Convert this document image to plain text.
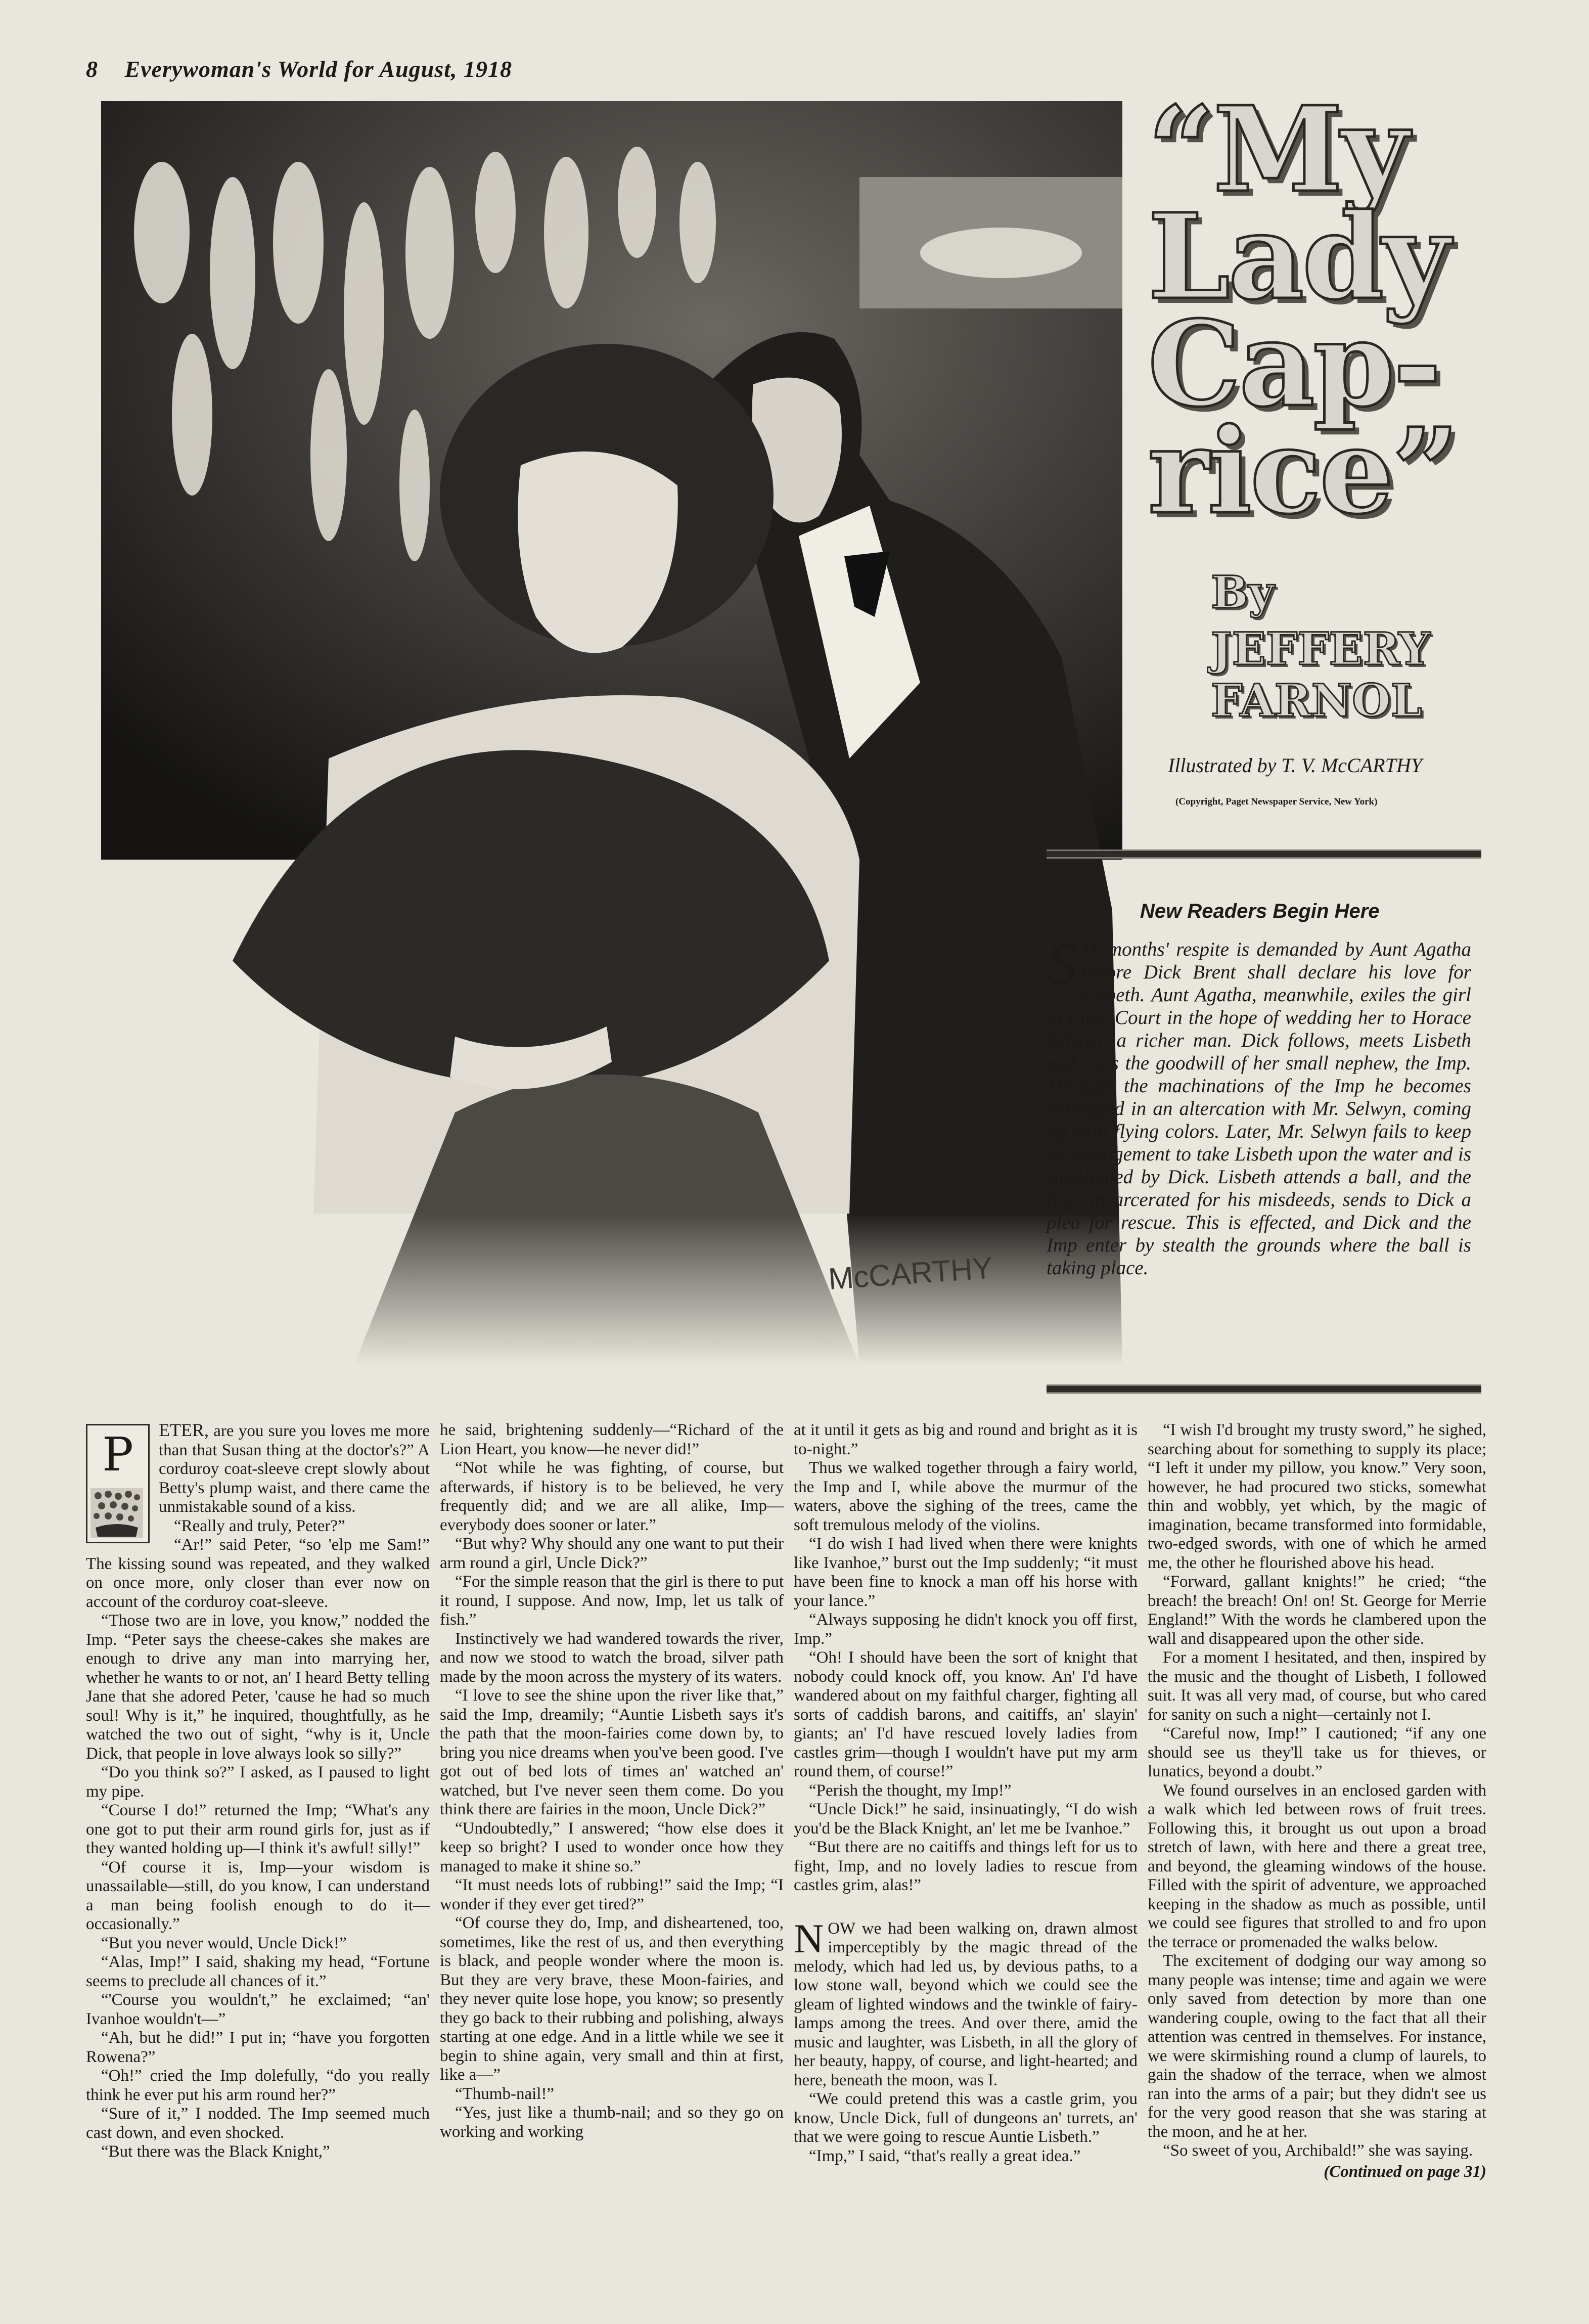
8 Everywoman's World for August, 1918
McCARTHY
“My
Lady
Cap-
rice”
By
JEFFERY
FARNOL
Illustrated by T. V. McCARTHY
(Copyright, Paget Newspaper Service, New York)
New Readers Begin Here
SIX months' respite is demanded by Aunt Agatha before Dick Brent shall declare his love for Lisbeth. Aunt Agatha, meanwhile, exiles the girl to Fane Court in the hope of wedding her to Horace Selwyn, a richer man. Dick follows, meets Lisbeth and wins the goodwill of her small nephew, the Imp. Through the machinations of the Imp he becomes entangled in an altercation with Mr. Selwyn, coming off with flying colors. Later, Mr. Selwyn fails to keep his engagement to take Lisbeth upon the water and is supplanted by Dick. Lisbeth attends a ball, and the Imp, incarcerated for his misdeeds, sends to Dick a plea for rescue. This is effected, and Dick and the Imp enter by stealth the grounds where the ball is taking place.
P	ETER, are you sure you loves me more than that Susan thing at the doctor's?” A corduroy coat-sleeve crept slowly about Betty's plump waist, and there came the unmistakable sound of a kiss.

“Really and truly, Peter?”

“Ar!” said Peter, “so 'elp me Sam!” The kissing sound was repeated, and they walked on once more, only closer than ever now on account of the corduroy coat-sleeve.

“Those two are in love, you know,” nodded the Imp. “Peter says the cheese-cakes she makes are enough to drive any man into marrying her, whether he wants to or not, an' I heard Betty telling Jane that she adored Peter, 'cause he had so much soul! Why is it,” he inquired, thoughtfully, as he watched the two out of sight, “why is it, Uncle Dick, that people in love always look so silly?”

“Do you think so?” I asked, as I paused to light my pipe.

“Course I do!” returned the Imp; “What's any one got to put their arm round girls for, just as if they wanted holding up—I think it's awful! silly!”

“Of course it is, Imp—your wisdom is unassailable—still, do you know, I can understand a man being foolish enough to do it—occasionally.”

“But you never would, Uncle Dick!”

“Alas, Imp!” I said, shaking my head, “Fortune seems to preclude all chances of it.”

“'Course you wouldn't,” he exclaimed; “an' Ivanhoe wouldn't—”

“Ah, but he did!” I put in; “have you forgotten Rowena?”

“Oh!” cried the Imp dolefully, “do you really think he ever put his arm round her?”

“Sure of it,” I nodded. The Imp seemed much cast down, and even shocked.

“But there was the Black Knight,”

he said, brightening suddenly—“Richard of the Lion Heart, you know—he never did!”

“Not while he was fighting, of course, but afterwards, if history is to be believed, he very frequently did; and we are all alike, Imp—everybody does sooner or later.”

“But why? Why should any one want to put their arm round a girl, Uncle Dick?”

“For the simple reason that the girl is there to put it round, I suppose. And now, Imp, let us talk of fish.”

Instinctively we had wandered towards the river, and now we stood to watch the broad, silver path made by the moon across the mystery of its waters.

“I love to see the shine upon the river like that,” said the Imp, dreamily; “Auntie Lisbeth says it's the path that the moon-fairies come down by, to bring you nice dreams when you've been good. I've got out of bed lots of times an' watched an' watched, but I've never seen them come. Do you think there are fairies in the moon, Uncle Dick?”

“Undoubtedly,” I answered; “how else does it keep so bright? I used to wonder once how they managed to make it shine so.”

“It must needs lots of rubbing!” said the Imp; “I wonder if they ever get tired?”

“Of course they do, Imp, and disheartened, too, sometimes, like the rest of us, and then everything is black, and people wonder where the moon is. But they are very brave, these Moon-fairies, and they never quite lose hope, you know; so presently they go back to their rubbing and polishing, always starting at one edge. And in a little while we see it begin to shine again, very small and thin at first, like a—”

“Thumb-nail!”

“Yes, just like a thumb-nail; and so they go on working and working

at it until it gets as big and round and bright as it is to-night.”

Thus we walked together through a fairy world, the Imp and I, while above the murmur of the waters, above the sighing of the trees, came the soft tremulous melody of the violins.

“I do wish I had lived when there were knights like Ivanhoe,” burst out the Imp suddenly; “it must have been fine to knock a man off his horse with your lance.”

“Always supposing he didn't knock you off first, Imp.”

“Oh! I should have been the sort of knight that nobody could knock off, you know. An' I'd have wandered about on my faithful charger, fighting all sorts of caddish barons, and caitiffs, an' slayin' giants; an' I'd have rescued lovely ladies from castles grim—though I wouldn't have put my arm round them, of course!”

“Perish the thought, my Imp!”

“Uncle Dick!” he said, insinuatingly, “I do wish you'd be the Black Knight, an' let me be Ivanhoe.”

“But there are no caitiffs and things left for us to fight, Imp, and no lovely ladies to rescue from castles grim, alas!”

NOW we had been walking on, drawn almost imperceptibly by the magic thread of the melody, which had led us, by devious paths, to a low stone wall, beyond which we could see the gleam of lighted windows and the twinkle of fairy-lamps among the trees. And over there, amid the music and laughter, was Lisbeth, in all the glory of her beauty, happy, of course, and light-hearted; and here, beneath the moon, was I.

“We could pretend this was a castle grim, you know, Uncle Dick, full of dungeons an' turrets, an' that we were going to rescue Auntie Lisbeth.”

“Imp,” I said, “that's really a great idea.”

“I wish I'd brought my trusty sword,” he sighed, searching about for something to supply its place; “I left it under my pillow, you know.” Very soon, however, he had procured two sticks, somewhat thin and wobbly, yet which, by the magic of imagination, became transformed into formidable, two-edged swords, with one of which he armed me, the other he flourished above his head.

“Forward, gallant knights!” he cried; “the breach! the breach! On! on! St. George for Merrie England!” With the words he clambered upon the wall and disappeared upon the other side.

For a moment I hesitated, and then, inspired by the music and the thought of Lisbeth, I followed suit. It was all very mad, of course, but who cared for sanity on such a night—certainly not I.

“Careful now, Imp!” I cautioned; “if any one should see us they'll take us for thieves, or lunatics, beyond a doubt.”

We found ourselves in an enclosed garden with a walk which led between rows of fruit trees. Following this, it brought us out upon a broad stretch of lawn, with here and there a great tree, and beyond, the gleaming windows of the house. Filled with the spirit of adventure, we approached keeping in the shadow as much as possible, until we could see figures that strolled to and fro upon the terrace or promenaded the walks below.

The excitement of dodging our way among so many people was intense; time and again we were only saved from detection by more than one wandering couple, owing to the fact that all their attention was centred in themselves. For instance, we were skirmishing round a clump of laurels, to gain the shadow of the terrace, when we almost ran into the arms of a pair; but they didn't see us for the very good reason that she was staring at the moon, and he at her.

“So sweet of you, Archibald!” she was saying.

(Continued on page 31)
